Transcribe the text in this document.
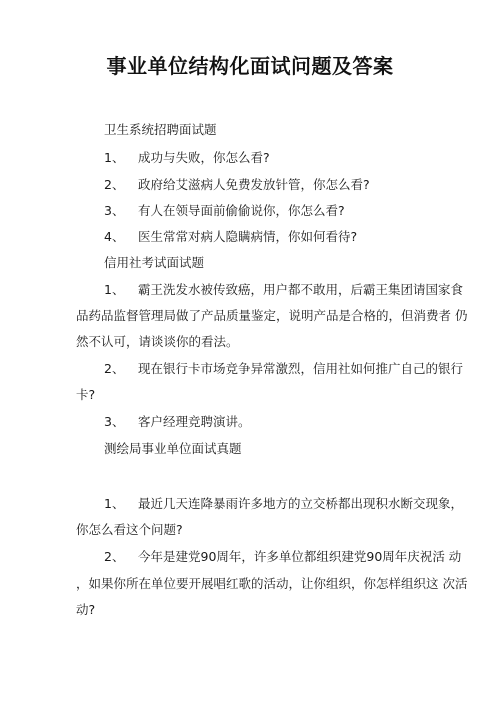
事业单位结构化面试问题及答案
卫生系统招聘面试题
1、 成功与失败，你怎么看?
2、 政府给艾滋病人免费发放针管，你怎么看?
3、 有人在领导面前偷偷说你，你怎么看?
4、 医生常常对病人隐瞒病情，你如何看待?
信用社考试面试题
1、 霸王洗发水被传致癌，用户都不敢用，后霸王集团请国家食
品药品监督管理局做了产品质量鉴定，说明产品是合格的，但消费者 仍
然不认可，请谈谈你的看法。
2、 现在银行卡市场竞争异常激烈，信用社如何推广自己的银行
卡?
3、 客户经理竞聘演讲。
测绘局事业单位面试真题
1、 最近几天连降暴雨许多地方的立交桥都出现积水断交现象，
你怎么看这个问题?
2、 今年是建党90周年，许多单位都组织建党90周年庆祝活 动
，如果你所在单位要开展唱红歌的活动，让你组织，你怎样组织这 次活
动?
